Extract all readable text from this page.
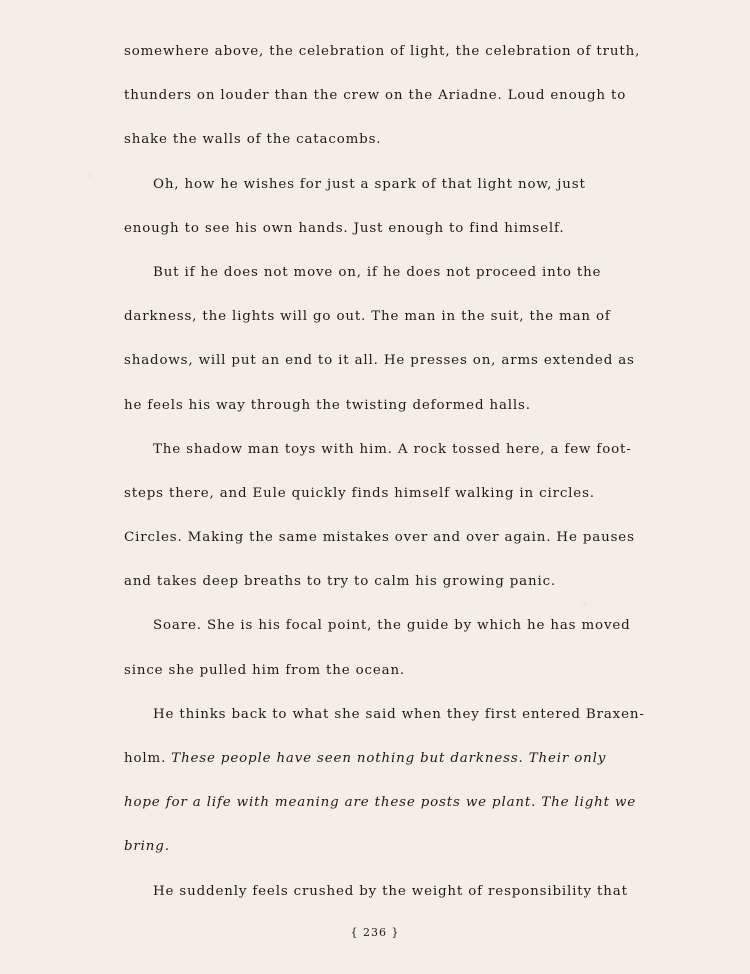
somewhere above, the celebration of light, the celebration of truth,
thunders on louder than the crew on the Ariadne. Loud enough to
shake the walls of the catacombs.
Oh, how he wishes for just a spark of that light now, just
enough to see his own hands. Just enough to find himself.
But if he does not move on, if he does not proceed into the
darkness, the lights will go out. The man in the suit, the man of
shadows, will put an end to it all. He presses on, arms extended as
he feels his way through the twisting deformed halls.
The shadow man toys with him. A rock tossed here, a few foot-
steps there, and Eule quickly finds himself walking in circles.
Circles. Making the same mistakes over and over again. He pauses
and takes deep breaths to try to calm his growing panic.
Soare. She is his focal point, the guide by which he has moved
since she pulled him from the ocean.
He thinks back to what she said when they first entered Braxen-
holm. These people have seen nothing but darkness. Their only
hope for a life with meaning are these posts we plant. The light we
bring.
He suddenly feels crushed by the weight of responsibility that
{ 236 }
